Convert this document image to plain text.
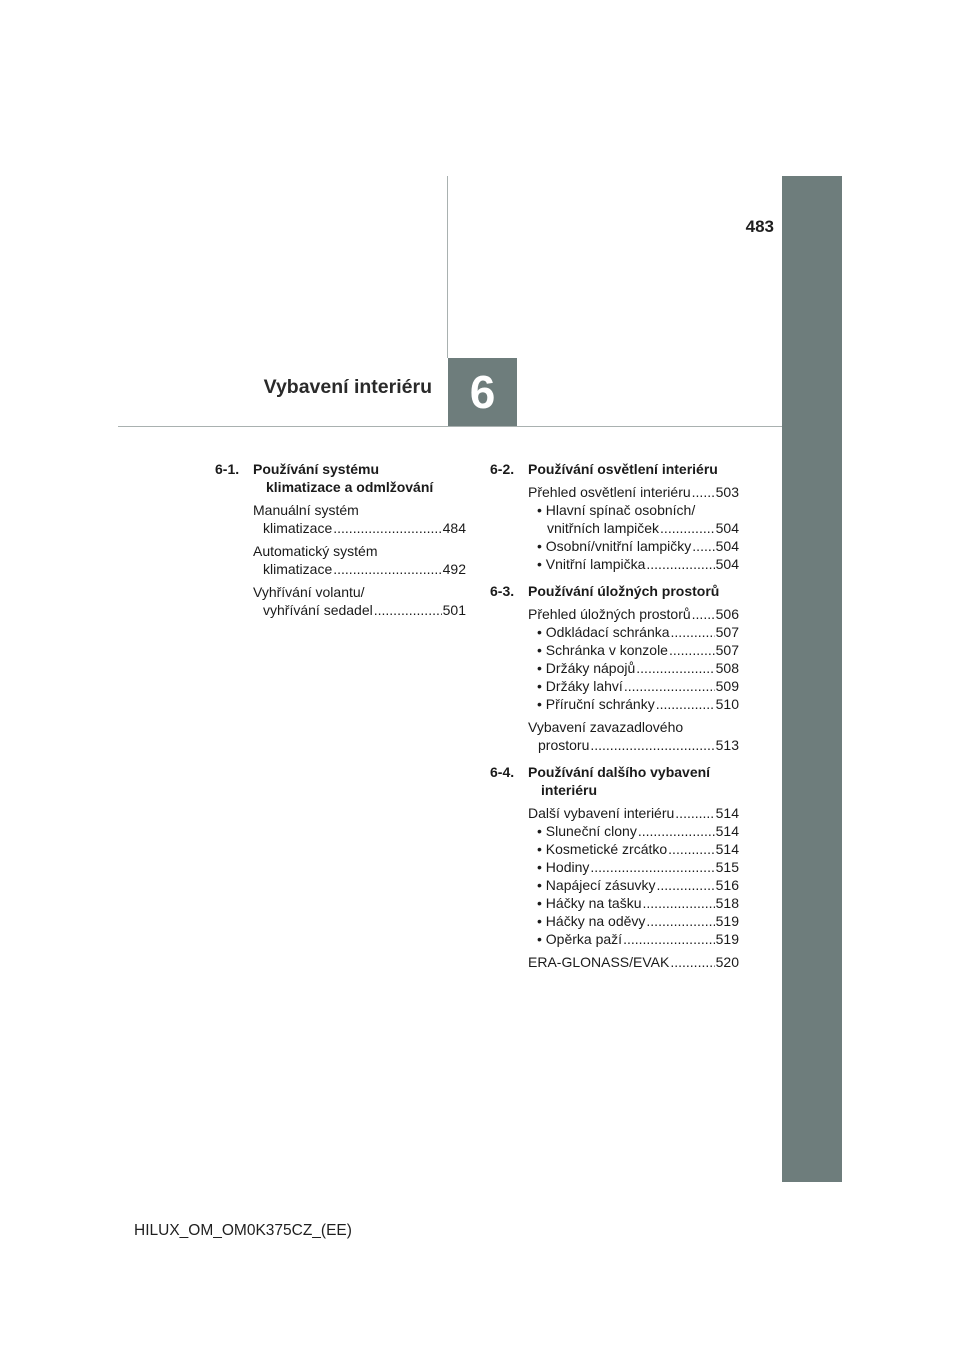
6
483
Vybavení interiéru
6-1. Používání systému
klimatizace a odmlžování
Manuální systém
klimatizace .....	484
Automatický systém
klimatizace .....	492
Vyhřívání volantu/
vyhřívání sedadel .....	501
6-2. Používání osvětlení interiéru
Přehled osvětlení interiéru ..... 503
• Hlavní spínač osobních/
vnitřních lampiček .....	504
• Osobní/vnitřní lampičky ..... 504
• Vnitřní lampička .....	504
6-3. Používání úložných prostorů
Přehled úložných prostorů ..... 506
• Odkládací schránka .....	507
• Schránka v konzole .....	507
• Držáky nápojů .....	508
• Držáky lahví .....	509
• Příruční schránky .....	510
Vybavení zavazadlového
prostoru .....	513
6-4. Používání dalšího vybavení
interiéru
Další vybavení interiéru .....	514
• Sluneční clony .....	514
• Kosmetické zrcátko .....	514
• Hodiny .....	515
• Napájecí zásuvky .....	516
• Háčky na tašku .....	518
• Háčky na oděvy .....	519
• Opěrka paží .....	519
ERA-GLONASS/EVAK .....	520
HILUX_OM_OM0K375CZ_(EE)
